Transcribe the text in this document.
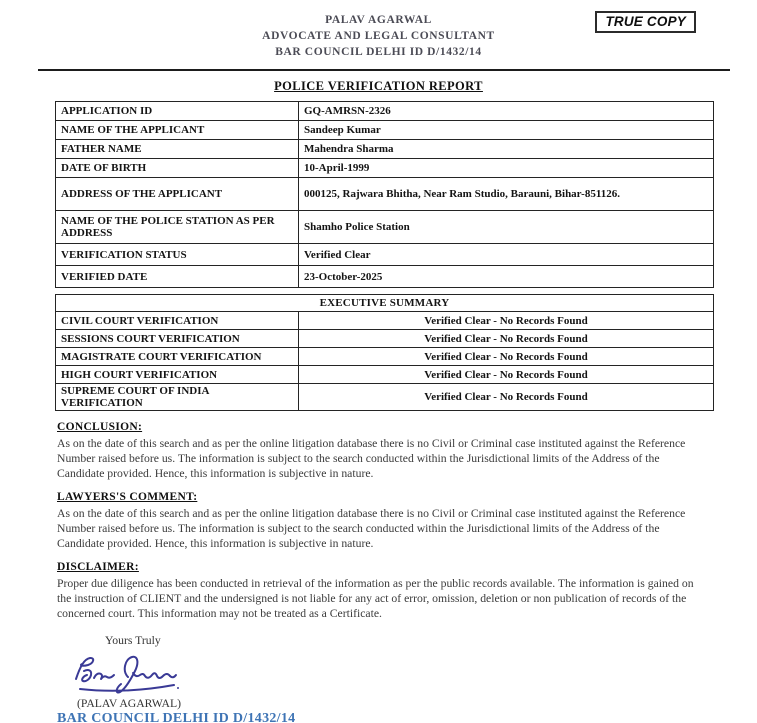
TRUE COPY
PALAV AGARWAL
ADVOCATE AND LEGAL CONSULTANT
BAR COUNCIL DELHI ID D/1432/14
POLICE VERIFICATION REPORT
APPLICATION ID	GQ-AMRSN-2326
NAME OF THE APPLICANT	Sandeep Kumar
FATHER NAME	Mahendra Sharma
DATE OF BIRTH	10-April-1999
ADDRESS OF THE APPLICANT	000125, Rajwara Bhitha, Near Ram Studio, Barauni, Bihar-851126.
NAME OF THE POLICE STATION AS PER ADDRESS	Shamho Police Station
VERIFICATION STATUS	Verified Clear
VERIFIED DATE	23-October-2025
EXECUTIVE SUMMARY	
CIVIL COURT VERIFICATION	Verified Clear - No Records Found
SESSIONS COURT VERIFICATION	Verified Clear - No Records Found
MAGISTRATE COURT VERIFICATION	Verified Clear - No Records Found
HIGH COURT VERIFICATION	Verified Clear - No Records Found
SUPREME COURT OF INDIA VERIFICATION	Verified Clear - No Records Found
CONCLUSION:
As on the date of this search and as per the online litigation database there is no Civil or Criminal case instituted against the Reference Number raised before us. The information is subject to the search conducted within the Jurisdictional limits of the Address of the Candidate provided. Hence, this information is subjective in nature.
LAWYERS'S COMMENT:
As on the date of this search and as per the online litigation database there is no Civil or Criminal case instituted against the Reference Number raised before us. The information is subject to the search conducted within the Jurisdictional limits of the Address of the Candidate provided. Hence, this information is subjective in nature.
DISCLAIMER:
Proper due diligence has been conducted in retrieval of the information as per the public records available. The information is gained on the instruction of CLIENT and the undersigned is not liable for any act of error, omission, deletion or non publication of records of the concerned court. This information may not be treated as a Certificate.
Yours Truly
(PALAV AGARWAL)
BAR COUNCIL DELHI ID D/1432/14
